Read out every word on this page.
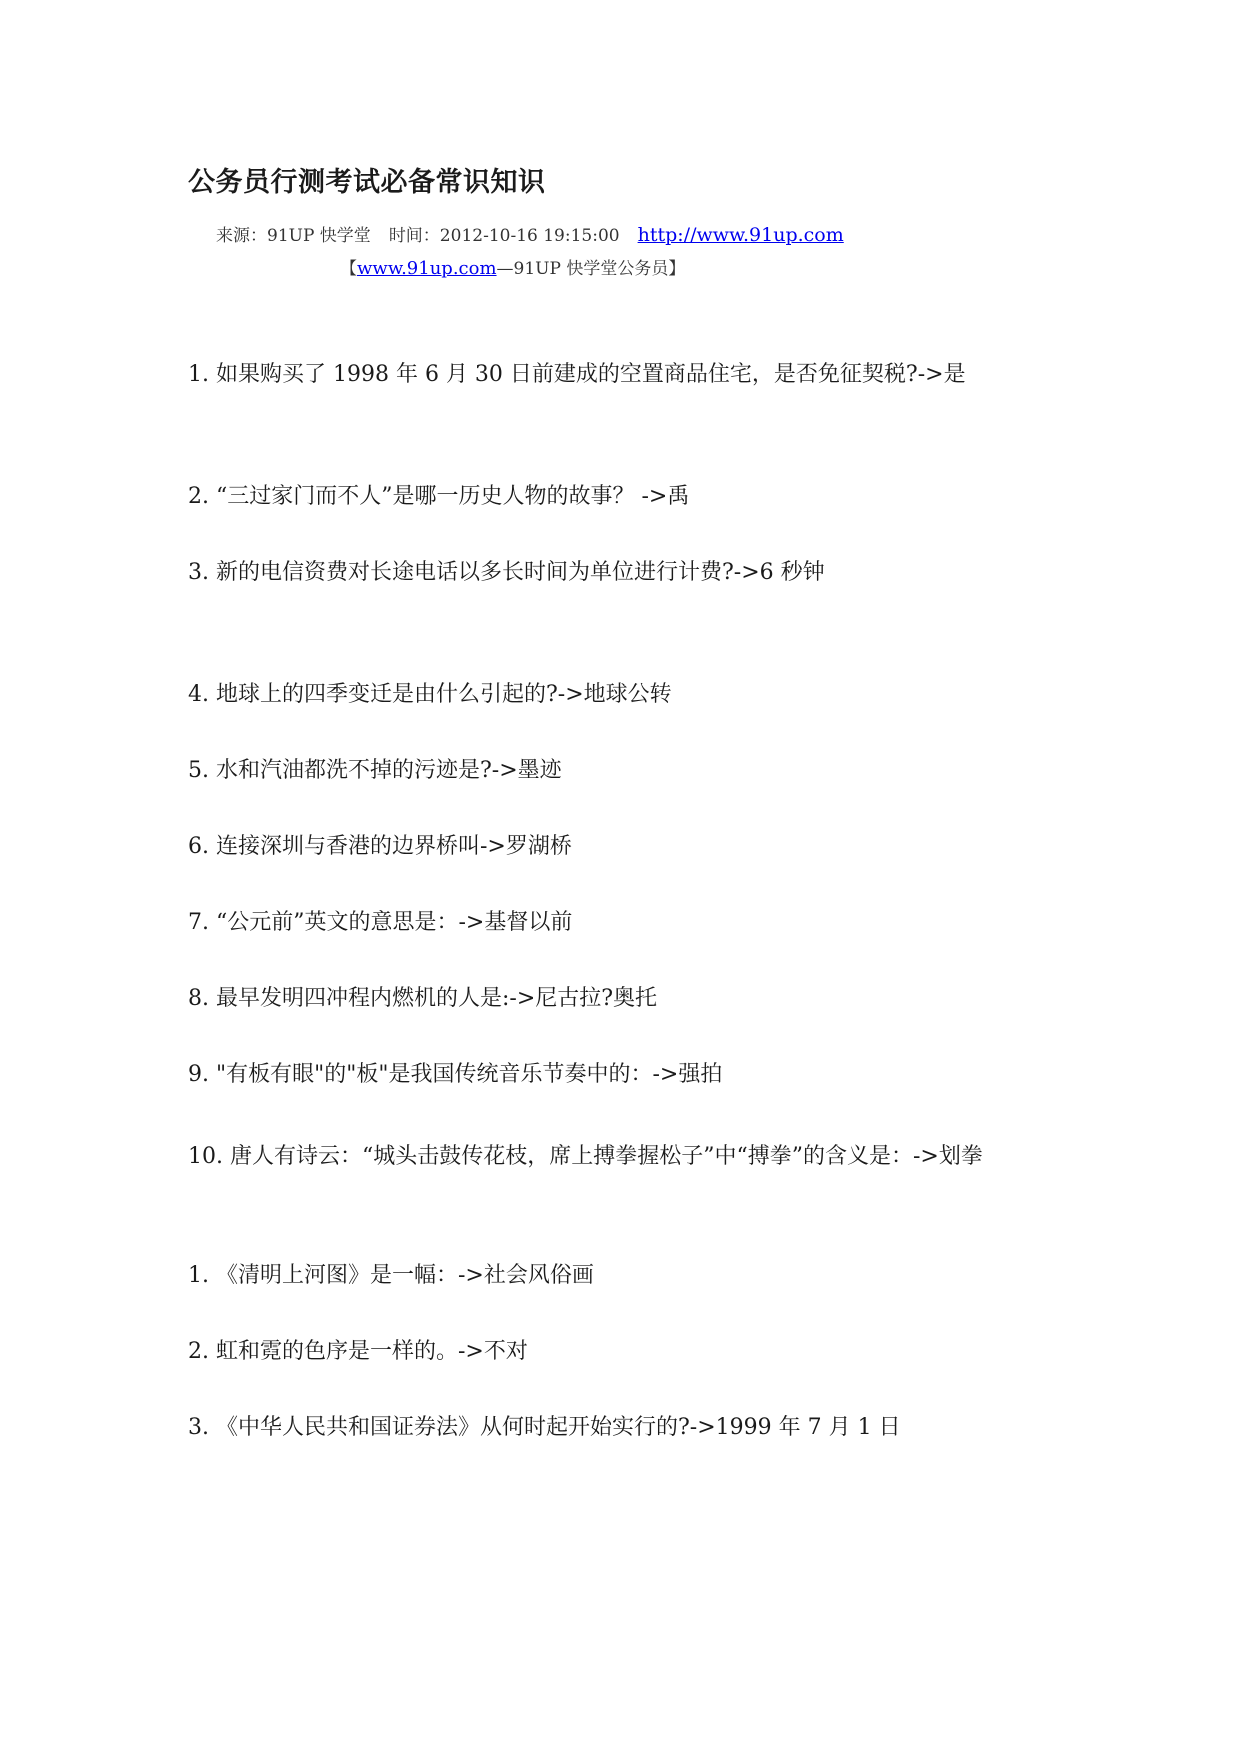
公务员行测考试必备常识知识
来源：91UP 快学堂 时间：2012-10-16 19:15:00 http://www.91up.com
【www.91up.com—91UP 快学堂公务员】
1. 如果购买了 1998 年 6 月 30 日前建成的空置商品住宅，是否免征契税?->是
2. “三过家门而不人”是哪一历史人物的故事？ ->禹
3. 新的电信资费对长途电话以多长时间为单位进行计费?->6 秒钟
4. 地球上的四季变迁是由什么引起的?->地球公转
5. 水和汽油都洗不掉的污迹是?->墨迹
6. 连接深圳与香港的边界桥叫->罗湖桥
7. “公元前”英文的意思是：->基督以前
8. 最早发明四冲程内燃机的人是:->尼古拉?奥托
9. "有板有眼"的"板"是我国传统音乐节奏中的：->强拍
10. 唐人有诗云：“城头击鼓传花枝，席上搏拳握松子”中“搏拳”的含义是：->划拳
1. 《清明上河图》是一幅：->社会风俗画
2. 虹和霓的色序是一样的。->不对
3. 《中华人民共和国证券法》从何时起开始实行的?->1999 年 7 月 1 日
